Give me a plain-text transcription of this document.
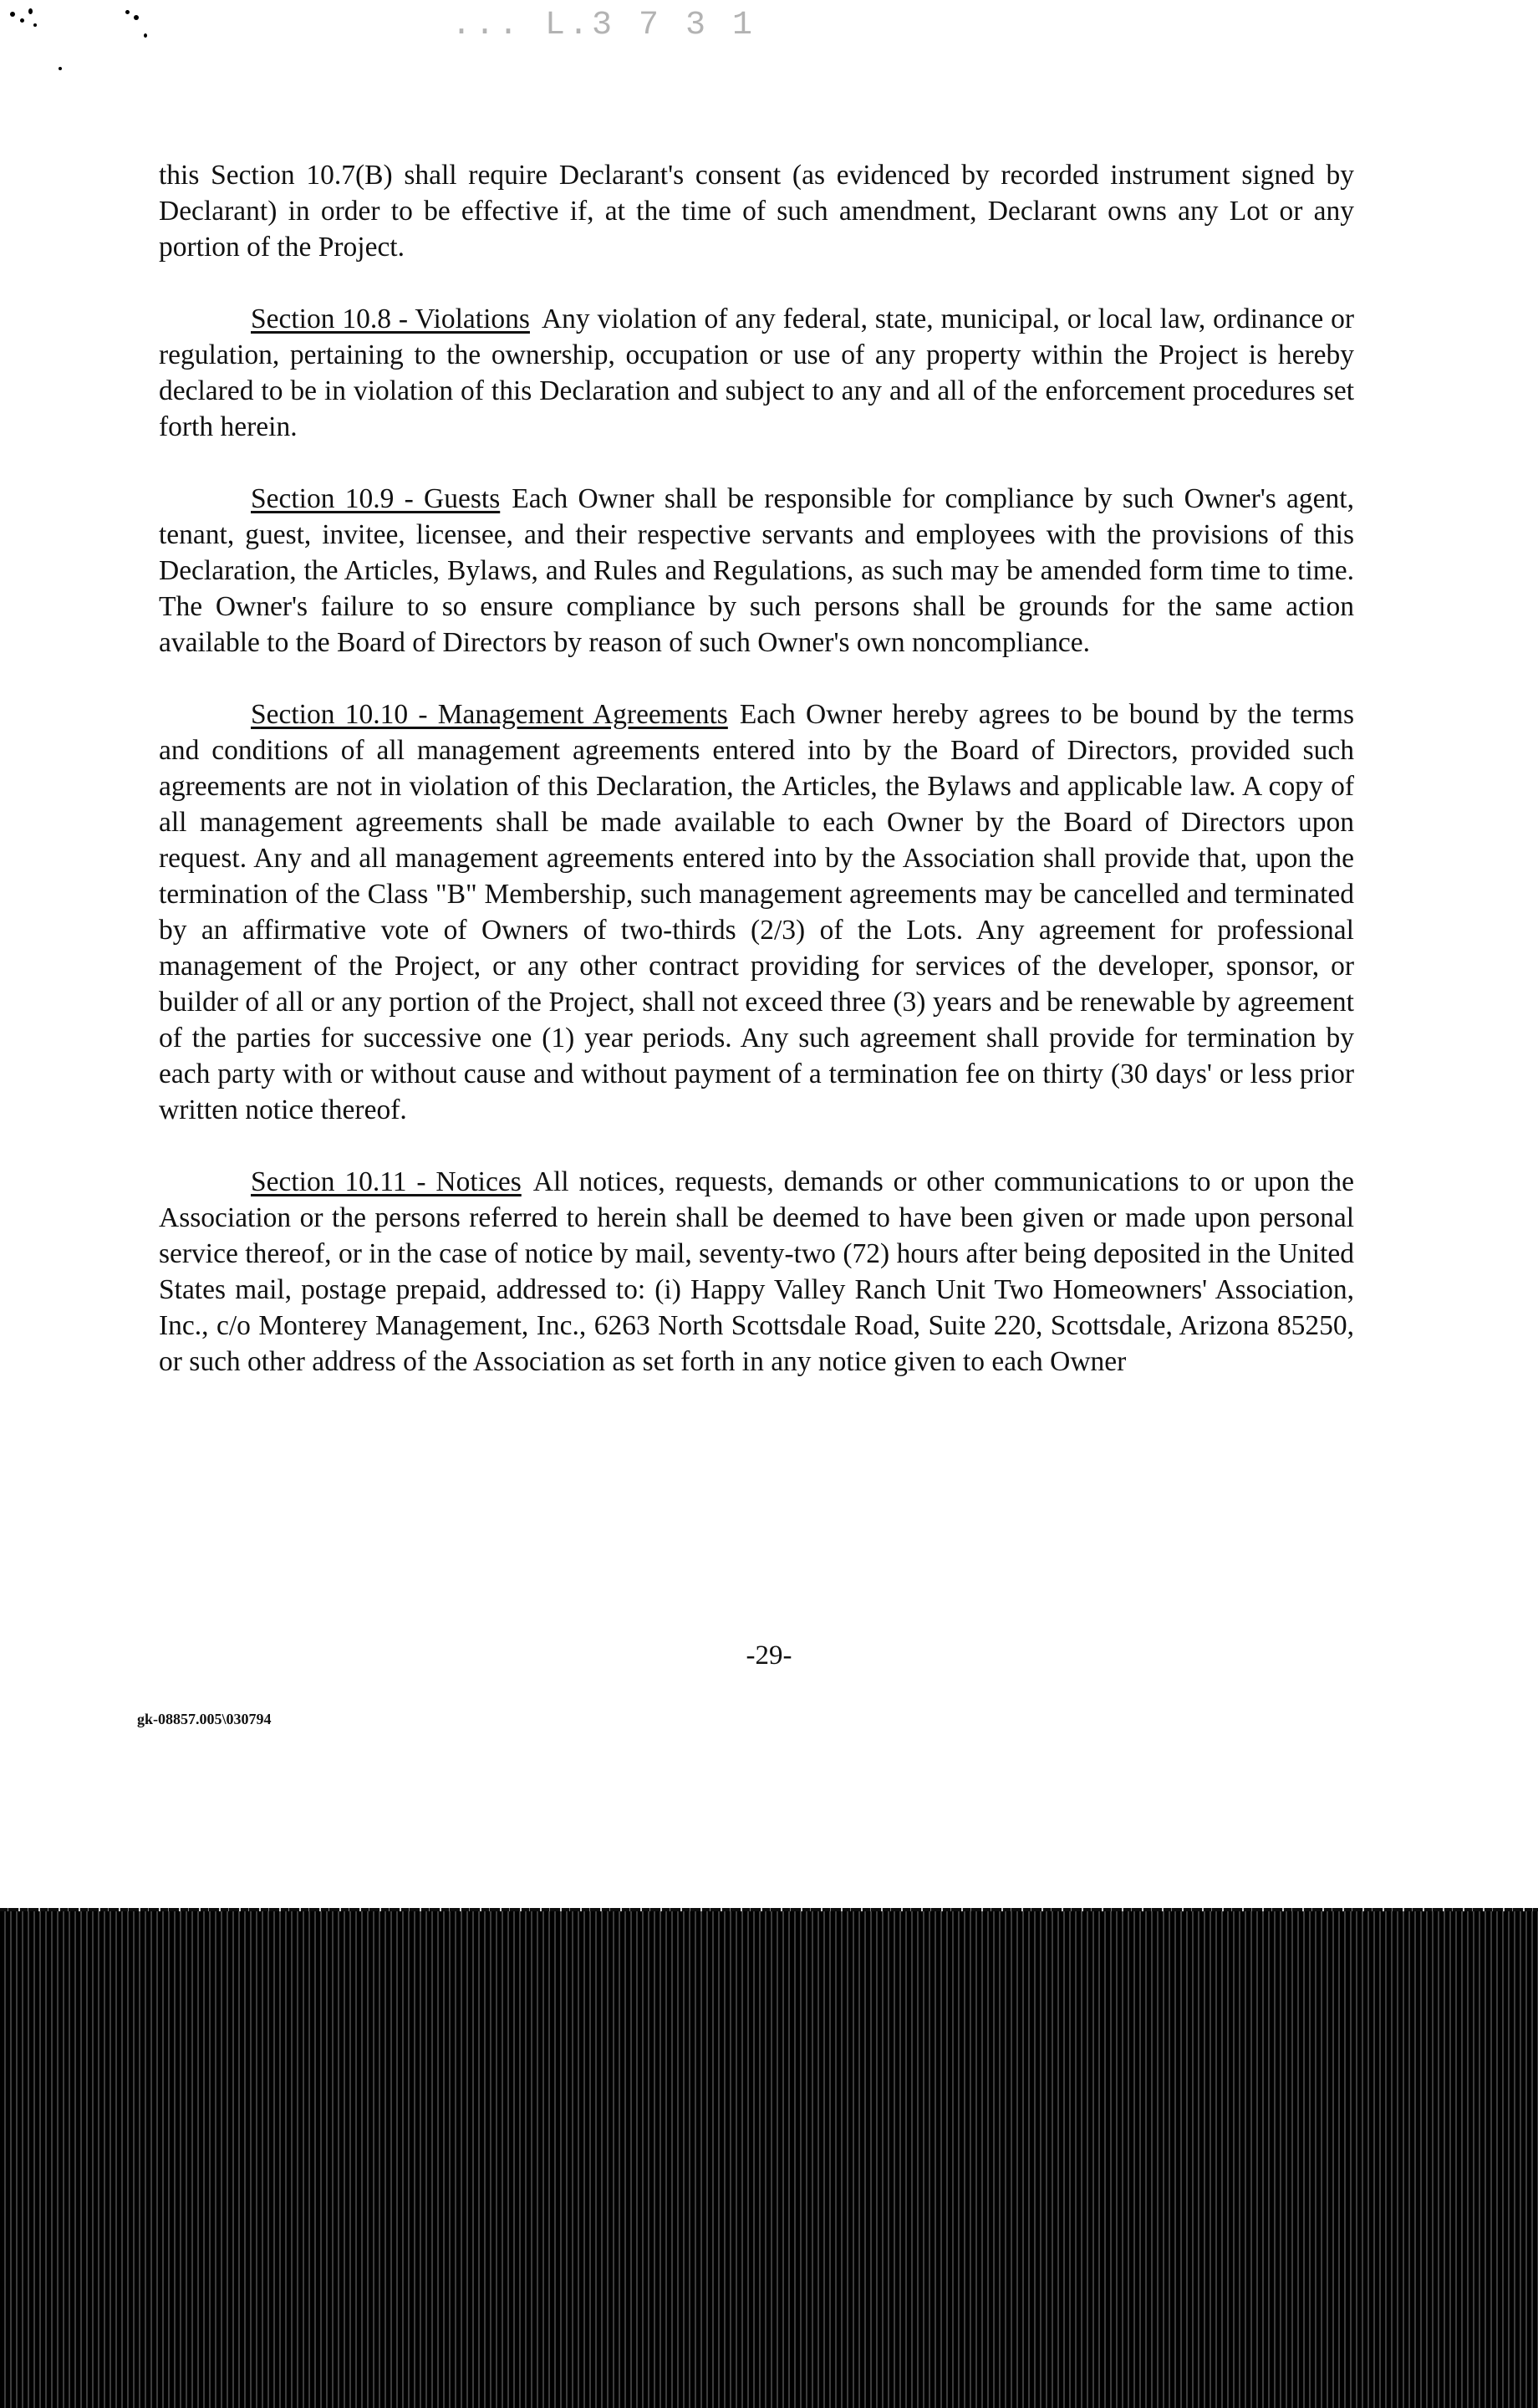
... L.3 7 3 1

this Section 10.7(B) shall require Declarant's consent (as evidenced by recorded instrument signed by Declarant) in order to be effective if, at the time of such amendment, Declarant owns any Lot or any portion of the Project.

Section 10.8 - Violations Any violation of any federal, state, municipal, or local law, ordinance or regulation, pertaining to the ownership, occupation or use of any property within the Project is hereby declared to be in violation of this Declaration and subject to any and all of the enforcement procedures set forth herein.

Section 10.9 - Guests Each Owner shall be responsible for compliance by such Owner's agent, tenant, guest, invitee, licensee, and their respective servants and employees with the provisions of this Declaration, the Articles, Bylaws, and Rules and Regulations, as such may be amended form time to time. The Owner's failure to so ensure compliance by such persons shall be grounds for the same action available to the Board of Directors by reason of such Owner's own noncompliance.

Section 10.10 - Management Agreements Each Owner hereby agrees to be bound by the terms and conditions of all management agreements entered into by the Board of Directors, provided such agreements are not in violation of this Declaration, the Articles, the Bylaws and applicable law. A copy of all management agreements shall be made available to each Owner by the Board of Directors upon request. Any and all management agreements entered into by the Association shall provide that, upon the termination of the Class "B" Membership, such management agreements may be cancelled and terminated by an affirmative vote of Owners of two-thirds (2/3) of the Lots. Any agreement for professional management of the Project, or any other contract providing for services of the developer, sponsor, or builder of all or any portion of the Project, shall not exceed three (3) years and be renewable by agreement of the parties for successive one (1) year periods. Any such agreement shall provide for termination by each party with or without cause and without payment of a termination fee on thirty (30 days' or less prior written notice thereof.

Section 10.11 - Notices All notices, requests, demands or other communications to or upon the Association or the persons referred to herein shall be deemed to have been given or made upon personal service thereof, or in the case of notice by mail, seventy-two (72) hours after being deposited in the United States mail, postage prepaid, addressed to: (i) Happy Valley Ranch Unit Two Homeowners' Association, Inc., c/o Monterey Management, Inc., 6263 North Scottsdale Road, Suite 220, Scottsdale, Arizona 85250, or such other address of the Association as set forth in any notice given to each Owner

-29-
gk-08857.005\030794
